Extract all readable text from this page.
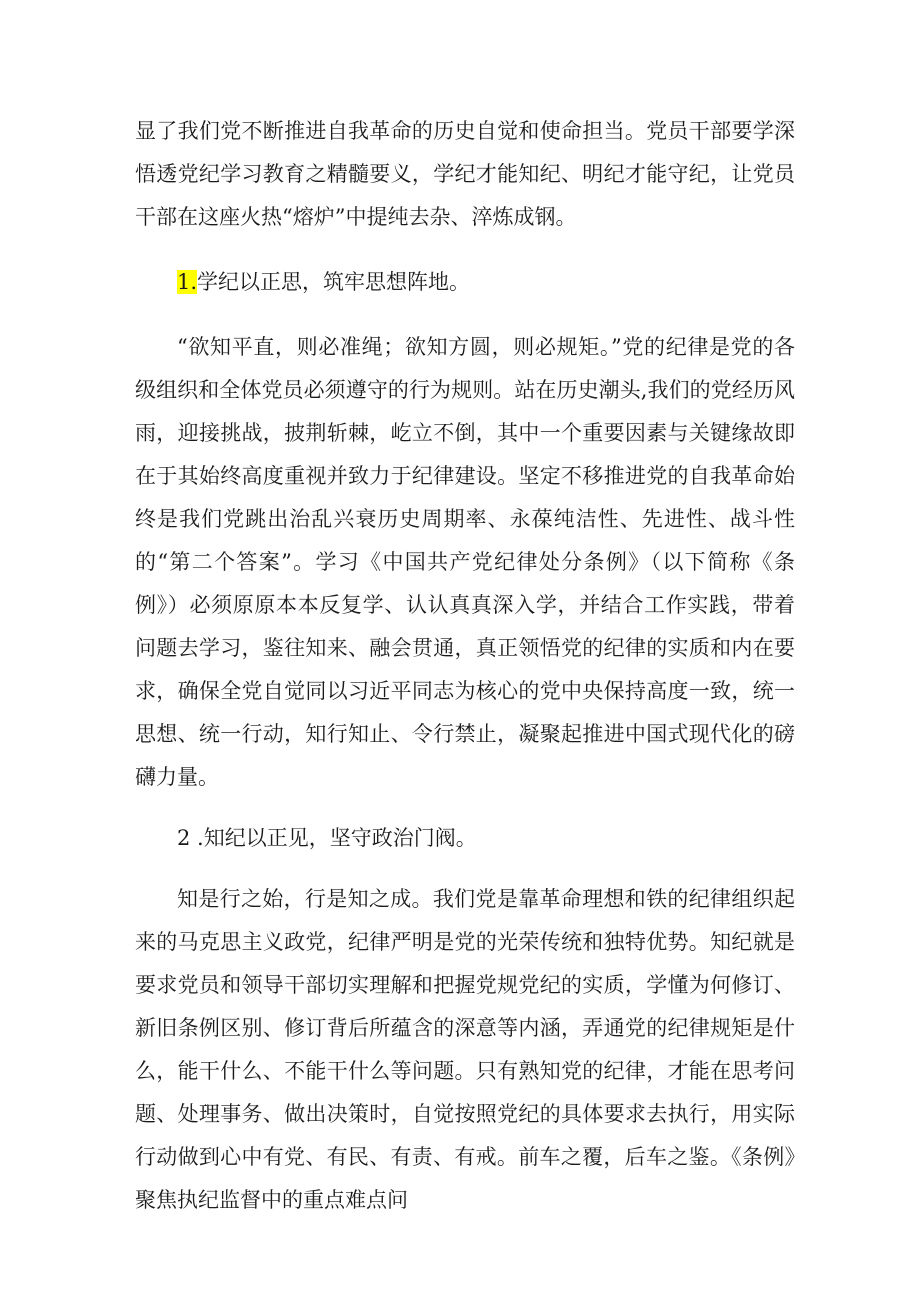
显了我们党不断推进自我革命的历史自觉和使命担当。党员干部要学深悟透党纪学习教育之精髓要义，学纪才能知纪、明纪才能守纪，让党员干部在这座火热“熔炉”中提纯去杂、淬炼成钢。

1.学纪以正思，筑牢思想阵地。

“欲知平直，则必准绳；欲知方圆，则必规矩。”党的纪律是党的各级组织和全体党员必须遵守的行为规则。站在历史潮头,我们的党经历风雨，迎接挑战，披荆斩棘，屹立不倒，其中一个重要因素与关键缘故即在于其始终高度重视并致力于纪律建设。坚定不移推进党的自我革命始终是我们党跳出治乱兴衰历史周期率、永葆纯洁性、先进性、战斗性的“第二个答案”。学习《中国共产党纪律处分条例》（以下简称《条例》）必须原原本本反复学、认认真真深入学，并结合工作实践，带着问题去学习，鉴往知来、融会贯通，真正领悟党的纪律的实质和内在要求，确保全党自觉同以习近平同志为核心的党中央保持高度一致，统一思想、统一行动，知行知止、令行禁止，凝聚起推进中国式现代化的磅礴力量。

2 .知纪以正见，坚守政治门阀。

知是行之始，行是知之成。我们党是靠革命理想和铁的纪律组织起来的马克思主义政党，纪律严明是党的光荣传统和独特优势。知纪就是要求党员和领导干部切实理解和把握党规党纪的实质，学懂为何修订、新旧条例区别、修订背后所蕴含的深意等内涵，弄通党的纪律规矩是什么，能干什么、不能干什么等问题。只有熟知党的纪律，才能在思考问题、处理事务、做出决策时，自觉按照党纪的具体要求去执行，用实际行动做到心中有党、有民、有责、有戒。前车之覆，后车之鉴。《条例》聚焦执纪监督中的重点难点问
